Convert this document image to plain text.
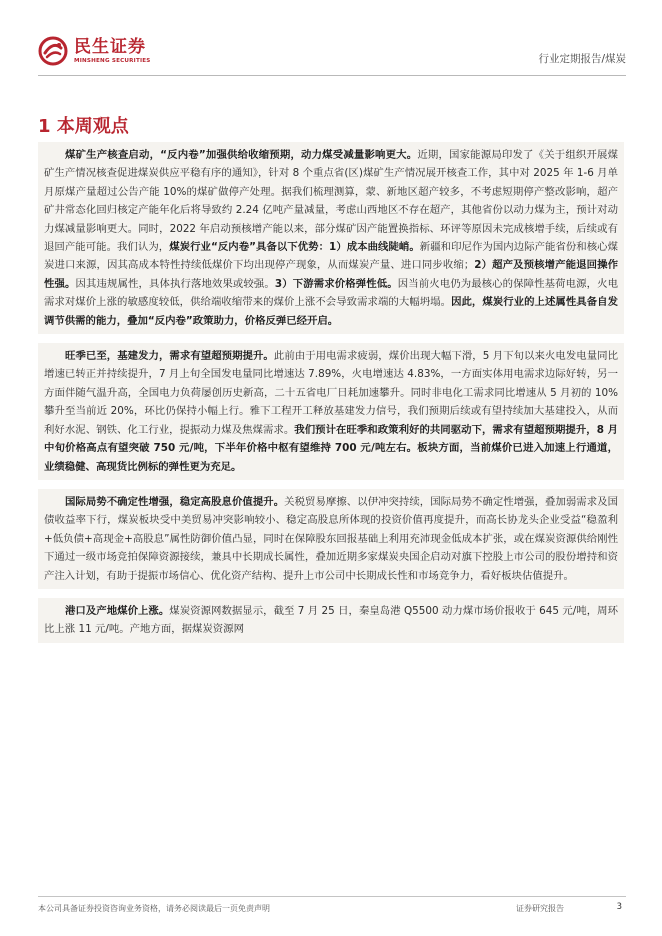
民生证券
MINSHENG SECURITIES	行业定期报告/煤炭
1 本周观点

煤矿生产核查启动，“反内卷”加强供给收缩预期，动力煤受减量影响更大。近期，国家能源局印发了《关于组织开展煤矿生产情况核查促进煤炭供应平稳有序的通知》，针对 8 个重点省(区)煤矿生产情况展开核查工作，其中对 2025 年 1-6 月单月原煤产量超过公告产能 10%的煤矿做停产处理。据我们梳理测算，蒙、新地区超产较多，不考虑短期停产整改影响，超产矿井常态化回归核定产能年化后将导致约 2.24 亿吨产量减量，考虑山西地区不存在超产，其他省份以动力煤为主，预计对动力煤减量影响更大。同时，2022 年启动预核增产能以来，部分煤矿因产能置换指标、环评等原因未完成核增手续，后续或有退回产能可能。我们认为，煤炭行业“反内卷”具备以下优势：1）成本曲线陡峭。新疆和印尼作为国内边际产能省份和核心煤炭进口来源，因其高成本特性持续低煤价下均出现停产现象，从而煤炭产量、进口同步收缩；2）超产及预核增产能退回操作性强。因其违规属性，具体执行落地效果或较强。3）下游需求价格弹性低。因当前火电仍为最核心的保障性基荷电源，火电需求对煤价上涨的敏感度较低，供给端收缩带来的煤价上涨不会导致需求端的大幅坍塌。因此，煤炭行业的上述属性具备自发调节供需的能力，叠加“反内卷”政策助力，价格反弹已经开启。

旺季已至，基建发力，需求有望超预期提升。此前由于用电需求疲弱，煤价出现大幅下滑，5 月下旬以来火电发电量同比增速已转正并持续提升，7 月上旬全国发电量同比增速达 7.89%，火电增速达 4.83%，一方面实体用电需求边际好转，另一方面伴随气温升高，全国电力负荷屡创历史新高，二十五省电厂日耗加速攀升。同时非电化工需求同比增速从 5 月初的 10%攀升至当前近 20%，环比仍保持小幅上行。雅下工程开工释放基建发力信号，我们预期后续或有望持续加大基建投入，从而利好水泥、钢铁、化工行业，提振动力煤及焦煤需求。我们预计在旺季和政策利好的共同驱动下，需求有望超预期提升，8 月中旬价格高点有望突破 750 元/吨，下半年价格中枢有望维持 700 元/吨左右。板块方面，当前煤价已进入加速上行通道，业绩稳健、高现货比例标的弹性更为充足。

国际局势不确定性增强，稳定高股息价值提升。关税贸易摩擦、以伊冲突持续，国际局势不确定性增强，叠加弱需求及国债收益率下行，煤炭板块受中美贸易冲突影响较小、稳定高股息所体现的投资价值再度提升，而高长协龙头企业受益“稳盈利+低负债+高现金+高股息”属性防御价值凸显，同时在保障股东回报基础上利用充沛现金低成本扩张，或在煤炭资源供给刚性下通过一级市场竞拍保障资源接续，兼具中长期成长属性，叠加近期多家煤炭央国企启动对旗下控股上市公司的股份增持和资产注入计划，有助于提振市场信心、优化资产结构、提升上市公司中长期成长性和市场竞争力，看好板块估值提升。

港口及产地煤价上涨。煤炭资源网数据显示，截至 7 月 25 日，秦皇岛港 Q5500 动力煤市场价报收于 645 元/吨，周环比上涨 11 元/吨。产地方面，据煤炭资源网

本公司具备证券投资咨询业务资格，请务必阅读最后一页免责声明	证券研究报告	3
